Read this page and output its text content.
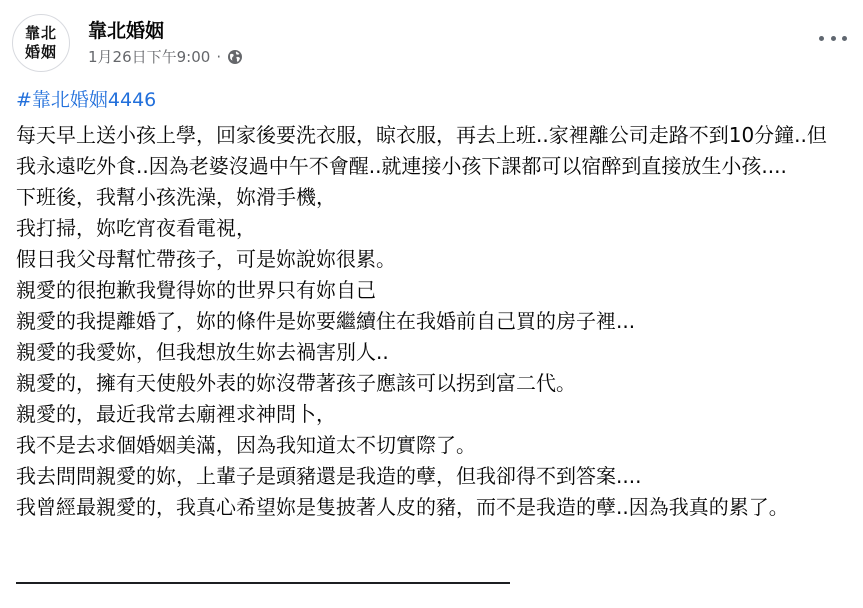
靠北
婚姻
靠北婚姻
1月26日下午9:00 ·
#靠北婚姻4446

每天早上送小孩上學，回家後要洗衣服，晾衣服，再去上班..家裡離公司走路不到10分鐘..但我永遠吃外食..因為老婆沒過中午不會醒..就連接小孩下課都可以宿醉到直接放生小孩....

下班後，我幫小孩洗澡，妳滑手機，

我打掃，妳吃宵夜看電視，

假日我父母幫忙帶孩子，可是妳說妳很累。

親愛的很抱歉我覺得妳的世界只有妳自己

親愛的我提離婚了，妳的條件是妳要繼續住在我婚前自己買的房子裡...

親愛的我愛妳，但我想放生妳去禍害別人..

親愛的，擁有天使般外表的妳沒帶著孩子應該可以拐到富二代。

親愛的，最近我常去廟裡求神問卜，

我不是去求個婚姻美滿，因為我知道太不切實際了。

我去問問親愛的妳，上輩子是頭豬還是我造的孽，但我卻得不到答案....

我曾經最親愛的，我真心希望妳是隻披著人皮的豬，而不是我造的孽..因為我真的累了。
